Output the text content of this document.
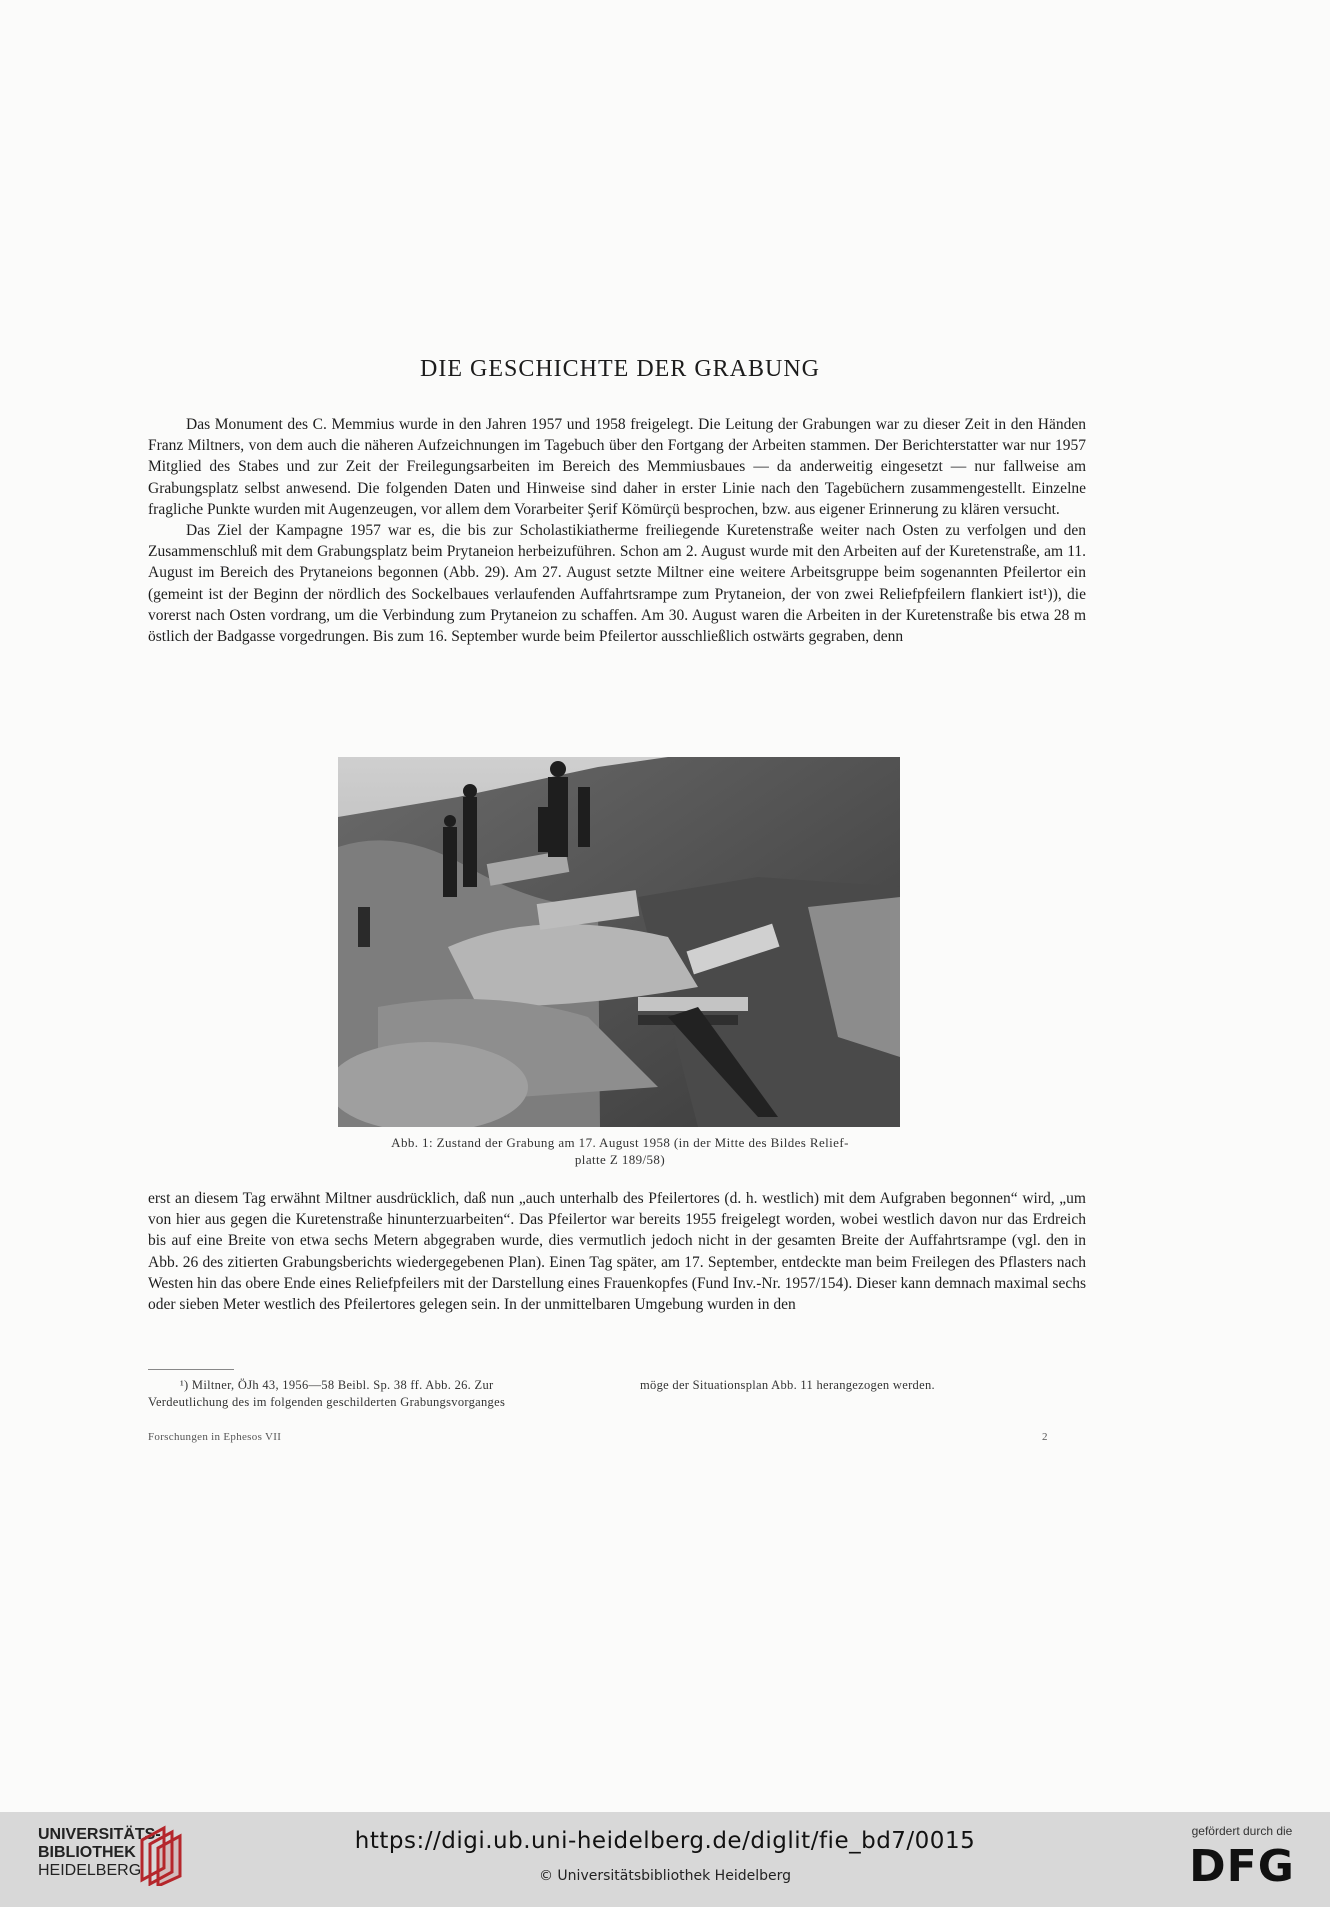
DIE GESCHICHTE DER GRABUNG

Das Monument des C. Memmius wurde in den Jahren 1957 und 1958 freigelegt. Die Leitung der Grabungen war zu dieser Zeit in den Händen Franz Miltners, von dem auch die näheren Aufzeichnungen im Tagebuch über den Fortgang der Arbeiten stammen. Der Berichterstatter war nur 1957 Mitglied des Stabes und zur Zeit der Freilegungsarbeiten im Bereich des Memmiusbaues — da anderweitig eingesetzt — nur fallweise am Grabungsplatz selbst anwesend. Die folgenden Daten und Hinweise sind daher in erster Linie nach den Tagebüchern zusammengestellt. Einzelne fragliche Punkte wurden mit Augenzeugen, vor allem dem Vorarbeiter Şerif Kömürçü besprochen, bzw. aus eigener Erinnerung zu klären versucht.

Das Ziel der Kampagne 1957 war es, die bis zur Scholastikiatherme freiliegende Kuretenstraße weiter nach Osten zu verfolgen und den Zusammenschluß mit dem Grabungsplatz beim Prytaneion herbeizuführen. Schon am 2. August wurde mit den Arbeiten auf der Kuretenstraße, am 11. August im Bereich des Prytaneions begonnen (Abb. 29). Am 27. August setzte Miltner eine weitere Arbeitsgruppe beim sogenannten Pfeilertor ein (gemeint ist der Beginn der nördlich des Sockelbaues verlaufenden Auffahrtsrampe zum Prytaneion, der von zwei Reliefpfeilern flankiert ist¹)), die vorerst nach Osten vordrang, um die Verbindung zum Prytaneion zu schaffen. Am 30. August waren die Arbeiten in der Kuretenstraße bis etwa 28 m östlich der Badgasse vorgedrungen. Bis zum 16. September wurde beim Pfeilertor ausschließlich ostwärts gegraben, denn

Abb. 1: Zustand der Grabung am 17. August 1958 (in der Mitte des Bildes Relief-
platte Z 189/58)

erst an diesem Tag erwähnt Miltner ausdrücklich, daß nun „auch unterhalb des Pfeilertores (d. h. westlich) mit dem Aufgraben begonnen“ wird, „um von hier aus gegen die Kuretenstraße hinunterzuarbeiten“. Das Pfeilertor war bereits 1955 freigelegt worden, wobei westlich davon nur das Erdreich bis auf eine Breite von etwa sechs Metern abgegraben wurde, dies vermutlich jedoch nicht in der gesamten Breite der Auffahrtsrampe (vgl. den in Abb. 26 des zitierten Grabungsberichts wiedergegebenen Plan). Einen Tag später, am 17. September, entdeckte man beim Freilegen des Pflasters nach Westen hin das obere Ende eines Reliefpfeilers mit der Darstellung eines Frauenkopfes (Fund Inv.-Nr. 1957/154). Dieser kann demnach maximal sechs oder sieben Meter westlich des Pfeilertores gelegen sein. In der unmittelbaren Umgebung wurden in den

¹) Miltner, ÖJh 43, 1956—58 Beibl. Sp. 38 ff. Abb. 26. Zur
Verdeutlichung des im folgenden geschilderten Grabungsvorganges
möge der Situationsplan Abb. 11 herangezogen werden.
Forschungen in Ephesos VII	2
UNIVERSITÄTS-
BIBLIOTHEK
HEIDELBERG
https://digi.ub.uni-heidelberg.de/diglit/fie_bd7/0015
© Universitätsbibliothek Heidelberg
gefördert durch die
DFG
